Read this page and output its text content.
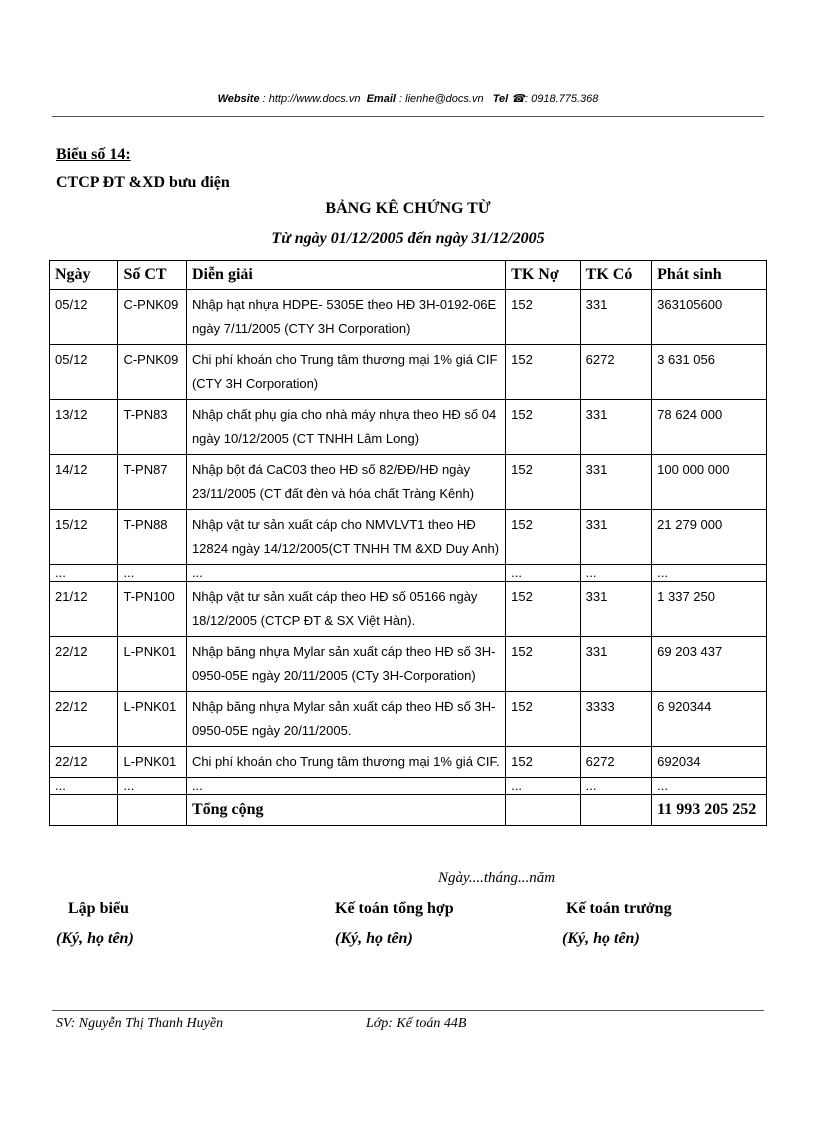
Website : http://www.docs.vn Email : lienhe@docs.vn Tel ☎: 0918.775.368
Biểu số 14:
CTCP ĐT &XD bưu điện
BẢNG KÊ CHỨNG TỪ
Từ ngày 01/12/2005 đến ngày 31/12/2005
Ngày	Số CT	Diễn giải	TK Nợ	TK Có	Phát sinh
05/12	C-PNK09	Nhập hạt nhựa HDPE- 5305E theo HĐ 3H-0192-06E ngày 7/11/2005 (CTY 3H Corporation)	152	331	363105600
05/12	C-PNK09	Chi phí khoán cho Trung tâm thương mại 1% giá CIF (CTY 3H Corporation)	152	6272	3 631 056
13/12	T-PN83	Nhập chất phụ gia cho nhà máy nhựa theo HĐ số 04 ngày 10/12/2005 (CT TNHH Lâm Long)	152	331	78 624 000
14/12	T-PN87	Nhập bột đá CaC03 theo HĐ số 82/ĐĐ/HĐ ngày 23/11/2005 (CT đất đèn và hóa chất Tràng Kênh)	152	331	100 000 000
15/12	T-PN88	Nhập vật tư sản xuất cáp cho NMVLVT1 theo HĐ 12824 ngày 14/12/2005(CT TNHH TM &XD Duy Anh)	152	331	21 279 000
...	...	...	...	...	...
21/12	T-PN100	Nhập vật tư sản xuất cáp theo HĐ số 05166 ngày 18/12/2005 (CTCP ĐT & SX Việt Hàn).	152	331	1 337 250
22/12	L-PNK01	Nhập băng nhựa Mylar sản xuất cáp theo HĐ số 3H-0950-05E ngày 20/11/2005 (CTy 3H-Corporation)	152	331	69 203 437
22/12	L-PNK01	Nhập băng nhựa Mylar sản xuất cáp theo HĐ số 3H-0950-05E ngày 20/11/2005.	152	3333	6 920344
22/12	L-PNK01	Chi phí khoán cho Trung tâm thương mại 1% giá CIF.	152	6272	692034
...	...	...	...	...	...
		Tổng cộng			11 993 205 252
Ngày....tháng...năm
Lập biểu
(Ký, họ tên)
Kế toán tổng hợp
(Ký, họ tên)
Kế toán trưởng
(Ký, họ tên)
SV: Nguyễn Thị Thanh Huyền	Lớp: Kế toán 44B
